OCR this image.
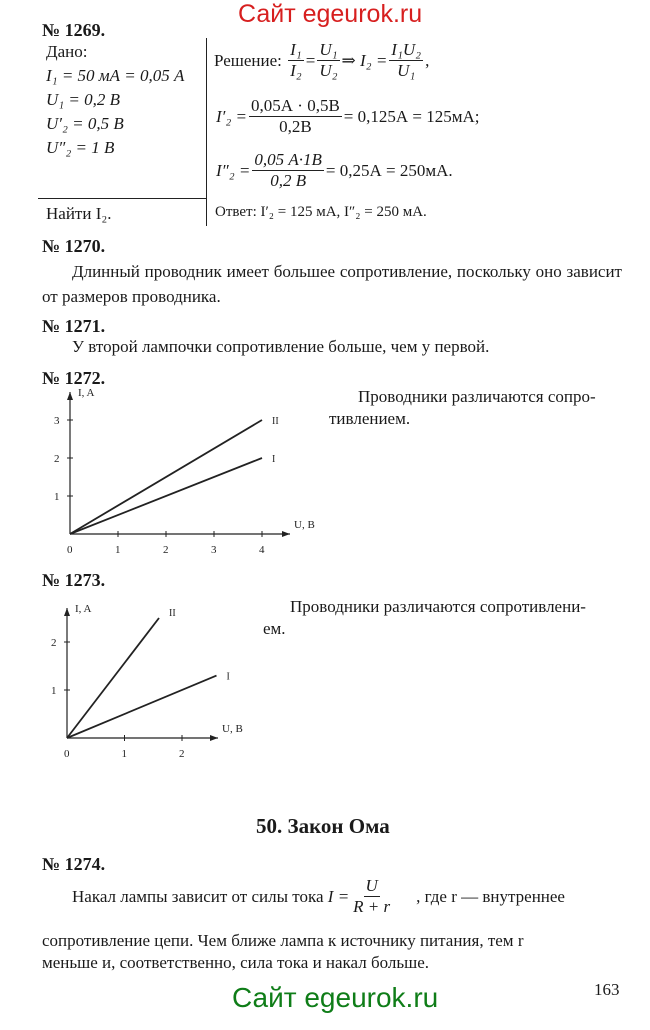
Сайт egeurok.ru
№ 1269.
Дано:
I₁ = 50 мА = 0,05 А
U₁ = 0,2 В
U′₂ = 0,5 В
U″₂ = 1 В
Найти I₂.
Решение:
$\frac{\text{I₁}}{\text{I₂}} = \frac{\text{U₁}}{\text{U₂}}$ ⇒ $I_2 = \frac{\text{I₁U₂}}{\text{U₁}}$ ,
$I'_2 = \frac{0,05А \cdot 0,5В}{0,2В} = 0,125А = 125мА$;
$I''_2 = \frac{0,05 А\cdot 1В}{0,2 В} = 0,25А = 250мА$.
Ответ: I′₂ = 125 мА, I″₂ = 250 мА.
№ 1270.
Длинный проводник имеет большее сопротивление, поскольку оно зависит от размеров проводника.
№ 1271.
У второй лампочки сопротивление больше, чем у первой.
№ 1272.
U, В
I, A
0	1	2	3	4
1
2
3	II
I
Проводники различаются сопро-
тивлением.
№ 1273.
U, В
I, A
0	1	2
1
2
II
I
Проводники различаются сопротивлени-
ем.
50. Закон Ома
№ 1274.
Накал лампы зависит от силы тока
$I = \frac{U}{R + r}$ , где r — внутреннее
сопротивление цепи. Чем ближе лампа к источнику питания, тем r
меньше и, соответственно, сила тока и накал больше.
163
Сайт egeurok.ru
